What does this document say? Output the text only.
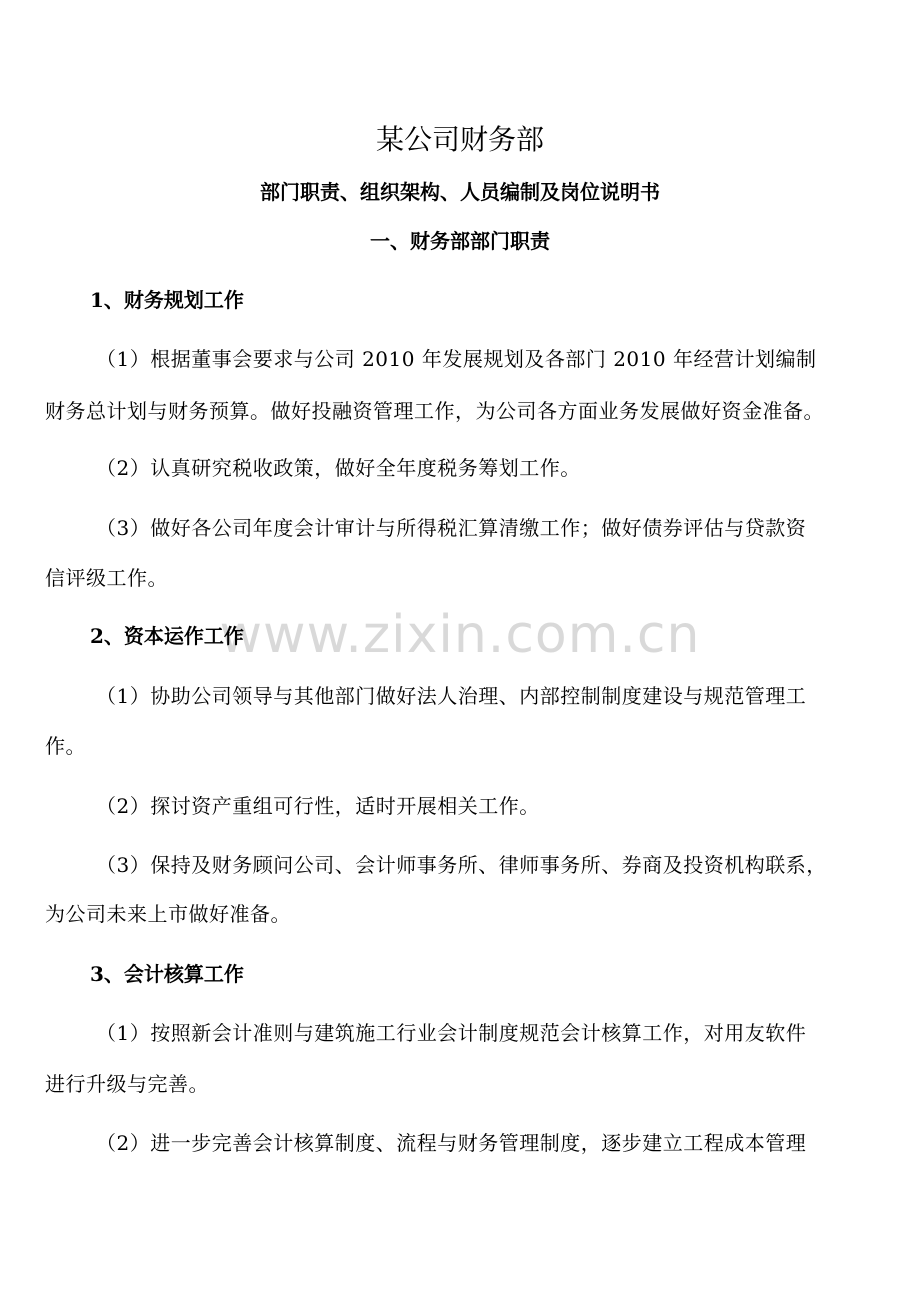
www.zixin.com.cn
某公司财务部
部门职责、组织架构、人员编制及岗位说明书
一、财务部部门职责
1、财务规划工作
（1）根据董事会要求与公司 2010 年发展规划及各部门 2010 年经营计划编制
财务总计划与财务预算。做好投融资管理工作，为公司各方面业务发展做好资金准备。
（2）认真研究税收政策，做好全年度税务筹划工作。
（3）做好各公司年度会计审计与所得税汇算清缴工作；做好债券评估与贷款资
信评级工作。
2、资本运作工作
（1）协助公司领导与其他部门做好法人治理、内部控制制度建设与规范管理工
作。
（2）探讨资产重组可行性，适时开展相关工作。
（3）保持及财务顾问公司、会计师事务所、律师事务所、券商及投资机构联系，
为公司未来上市做好准备。
3、会计核算工作
（1）按照新会计准则与建筑施工行业会计制度规范会计核算工作，对用友软件
进行升级与完善。
（2）进一步完善会计核算制度、流程与财务管理制度，逐步建立工程成本管理
